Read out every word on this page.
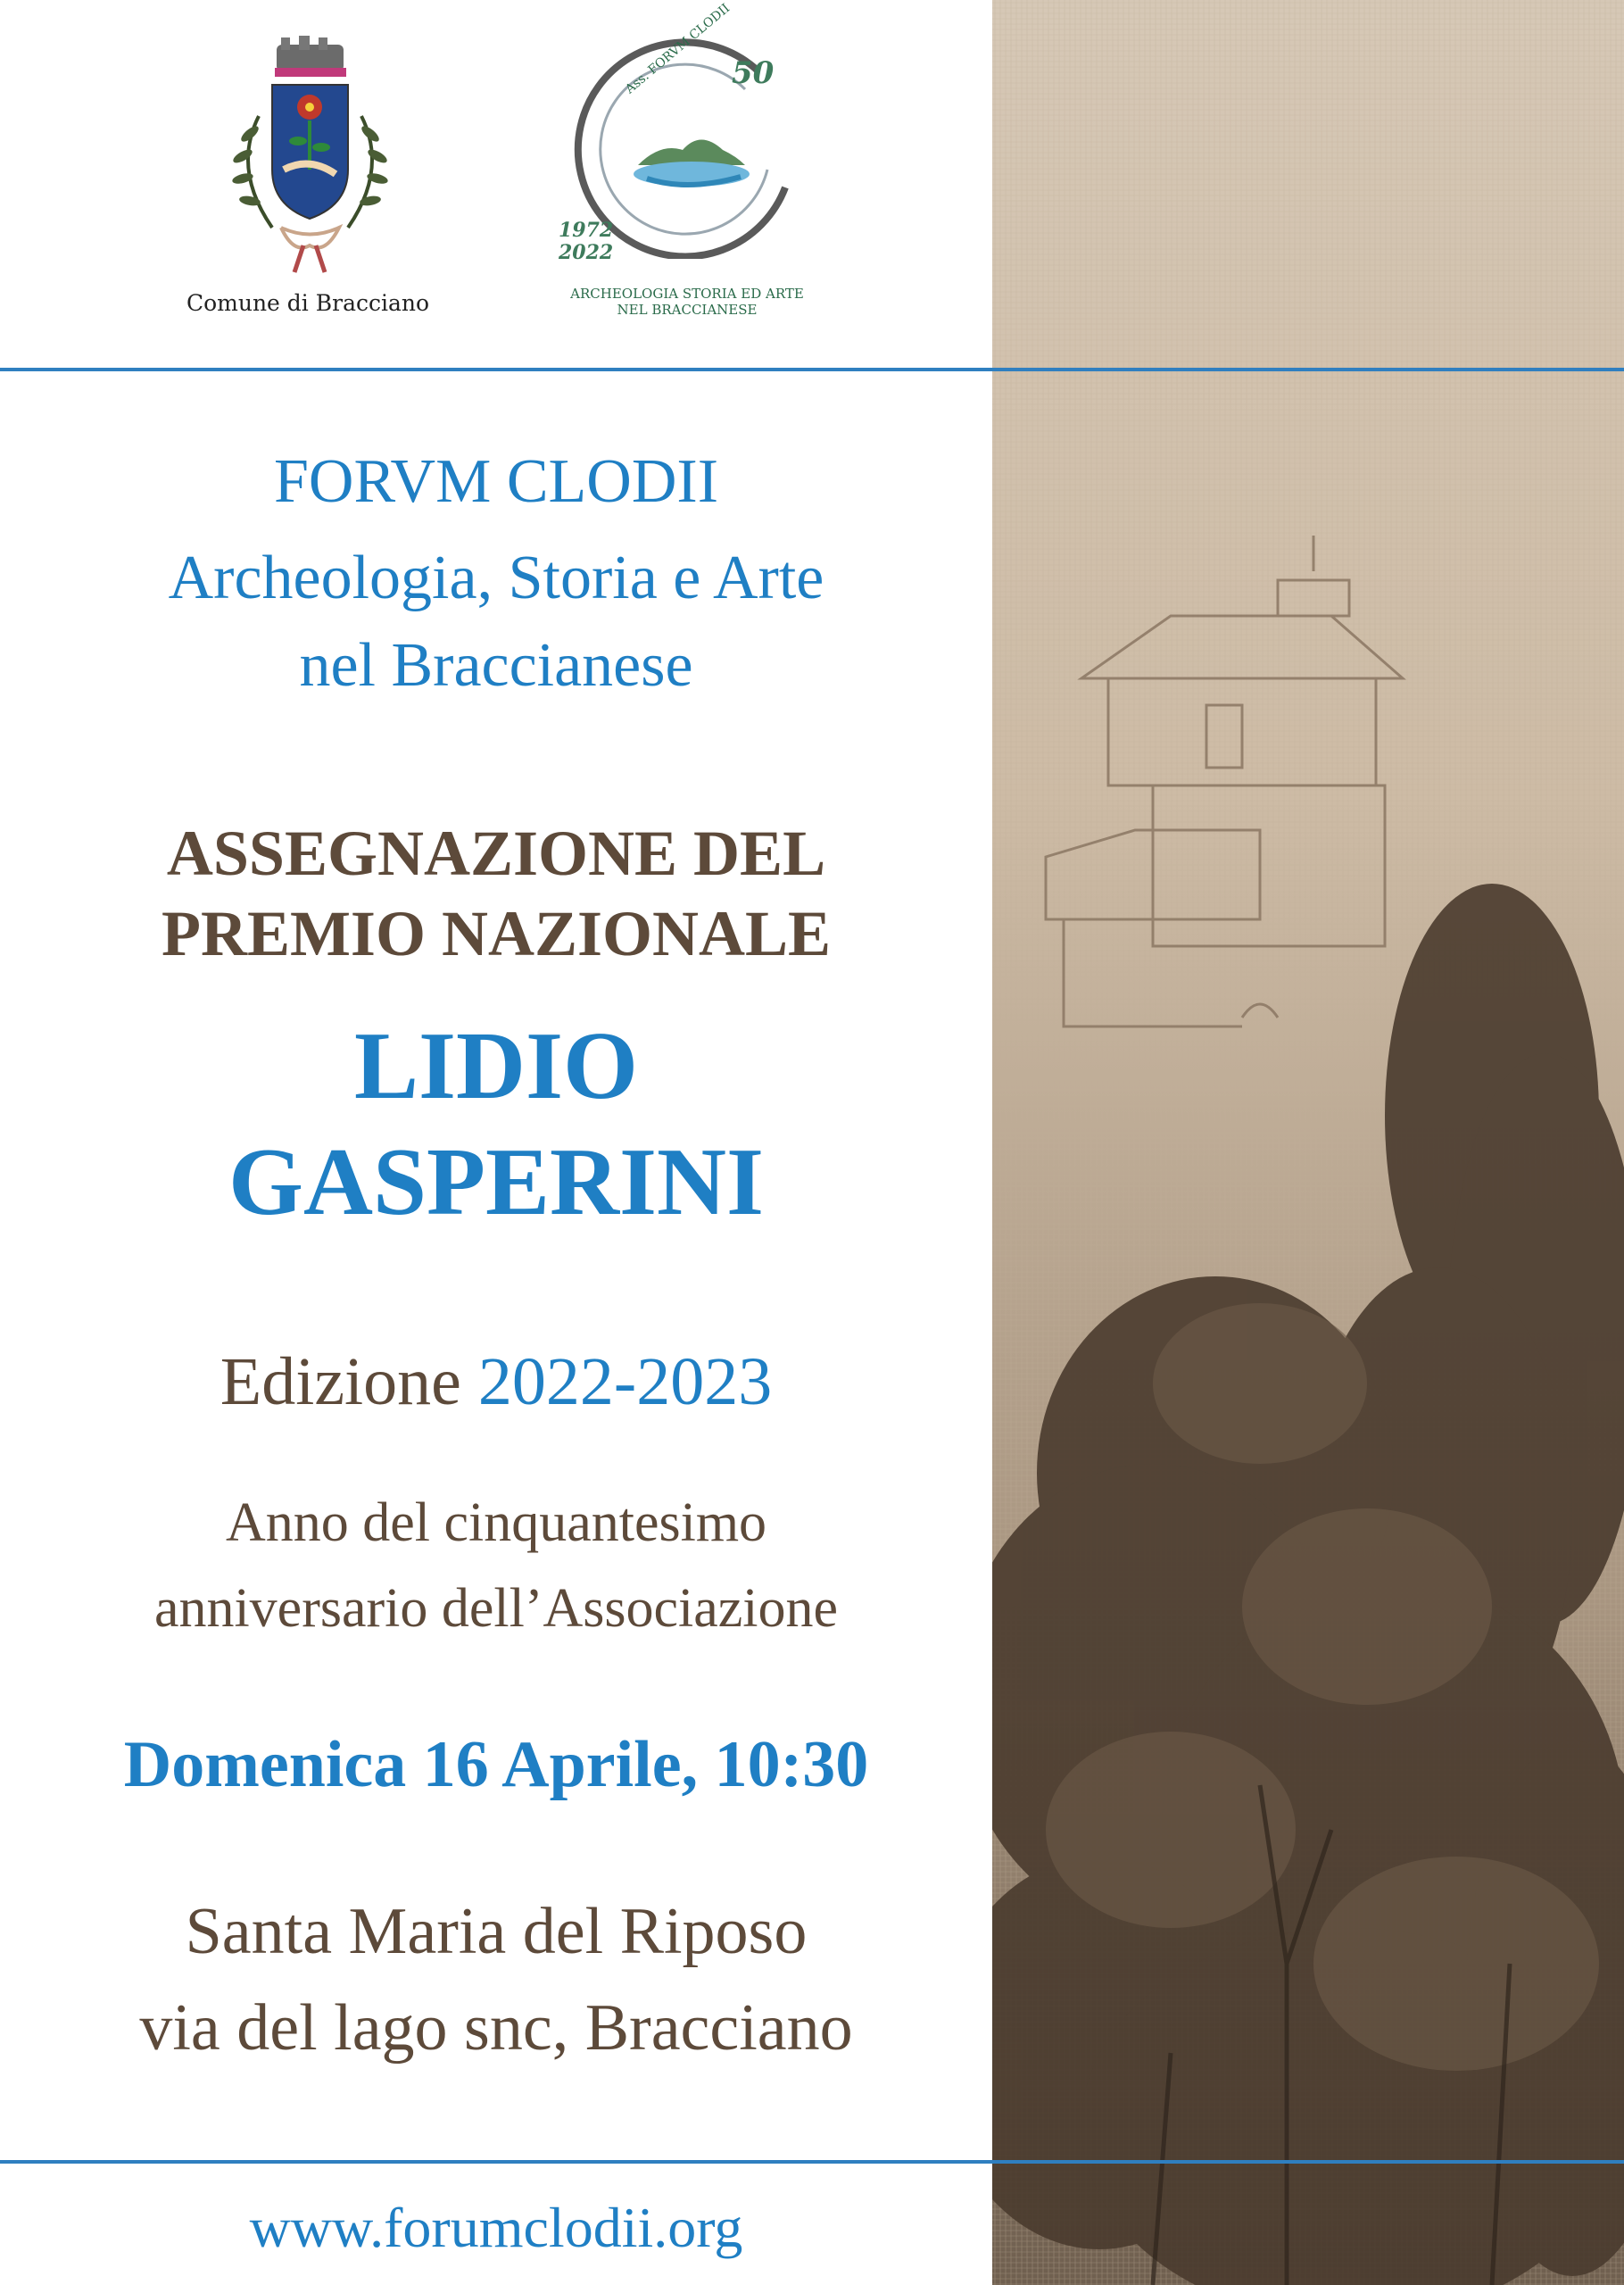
Comune di Bracciano
Ass. FORVM CLODII
50
1972
2022
ARCHEOLOGIA STORIA ED ARTE
NEL BRACCIANESE
FORVM CLODII
Archeologia, Storia e Arte
nel Braccianese
ASSEGNAZIONE DEL
PREMIO NAZIONALE
LIDIO
GASPERINI
Edizione 2022-2023
Anno del cinquantesimo
anniversario dell’Associazione
Domenica 16 Aprile, 10:30
Santa Maria del Riposo
via del lago snc, Bracciano
www.forumclodii.org
